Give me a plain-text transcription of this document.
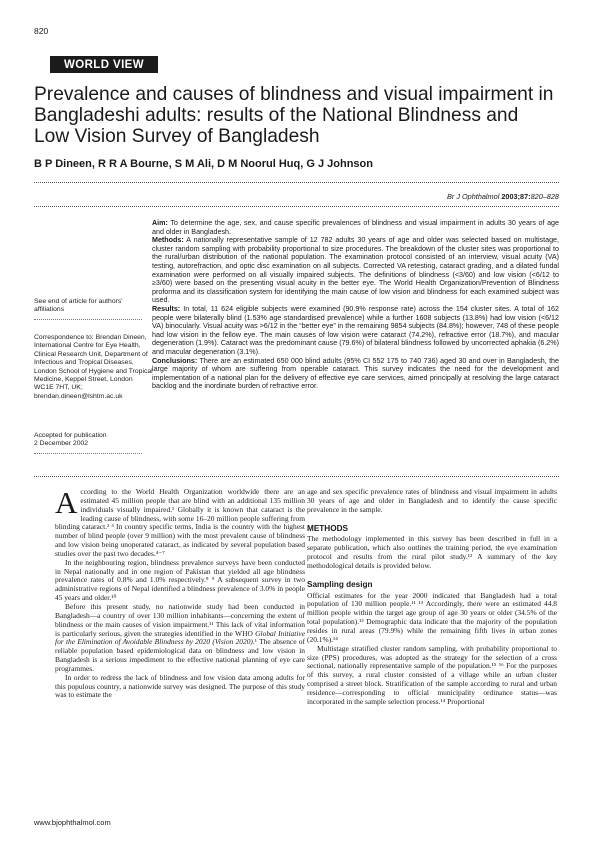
820
WORLD VIEW
Prevalence and causes of blindness and visual impairment in Bangladeshi adults: results of the National Blindness and Low Vision Survey of Bangladesh
B P Dineen, R R A Bourne, S M Ali, D M Noorul Huq, G J Johnson
Br J Ophthalmol 2003;87:820–828
See end of article for authors' affiliations
Correspondence to: Brendan Dineen, International Centre for Eye Health, Clinical Research Unit, Department of Infectious and Tropical Diseases, London School of Hygiene and Tropical Medicine, Keppel Street, London WC1E 7HT, UK; brendan.dineen@lshtm.ac.uk
Accepted for publication
2 December 2002

Aim: To determine the age, sex, and cause specific prevalences of blindness and visual impairment in adults 30 years of age and older in Bangladesh.

Methods: A nationally representative sample of 12 782 adults 30 years of age and older was selected based on multistage, cluster random sampling with probability proportional to size procedures. The breakdown of the cluster sites was proportional to the rural/urban distribution of the national population. The examination protocol consisted of an interview, visual acuity (VA) testing, autorefraction, and optic disc examination on all subjects. Corrected VA retesting, cataract grading, and a dilated fundal examination were performed on all visually impaired subjects. The definitions of blindness (<3/60) and low vision (<6/12 to ≥3/60) were based on the presenting visual acuity in the better eye. The World Health Organization/Prevention of Blindness proforma and its classification system for identifying the main cause of low vision and blindness for each examined subject was used.

Results: In total, 11 624 eligible subjects were examined (90.9% response rate) across the 154 cluster sites. A total of 162 people were bilaterally blind (1.53% age standardised prevalence) while a further 1608 subjects (13.8%) had low vision (<6/12 VA) binocularly. Visual acuity was >6/12 in the “better eye” in the remaining 9854 subjects (84.8%); however, 748 of these people had low vision in the fellow eye. The main causes of low vision were cataract (74.2%), refractive error (18.7%), and macular degeneration (1.9%). Cataract was the predominant cause (79.6%) of bilateral blindness followed by uncorrected aphakia (6.2%) and macular degeneration (3.1%).

Conclusions: There are an estimated 650 000 blind adults (95% CI 552 175 to 740 736) aged 30 and over in Bangladesh, the large majority of whom are suffering from operable cataract. This survey indicates the need for the development and implementation of a national plan for the delivery of effective eye care services, aimed principally at resolving the large cataract backlog and the inordinate burden of refractive error.

According to the World Health Organization worldwide there are an estimated 45 million people that are blind with an additional 135 million individuals visually impaired.¹ Globally it is known that cataract is the leading cause of blindness, with some 16–20 million people suffering from blinding cataract.² ³ In country specific terms, India is the country with the highest number of blind people (over 9 million) with the most prevalent cause of blindness and low vision being unoperated cataract, as indicated by several population based studies over the past two decades.⁴⁻⁷

In the neighbouring region, blindness prevalence surveys have been conducted in Nepal nationally and in one region of Pakistan that yielded all age blindness prevalence rates of 0.8% and 1.0% respectively.⁸ ⁹ A subsequent survey in two administrative regions of Nepal identified a blindness prevalence of 3.0% in people 45 years and older.¹⁰

Before this present study, no nationwide study had been conducted in Bangladesh—a country of over 130 million inhabitants—concerning the extent of blindness or the main causes of vision impairment.¹¹ This lack of vital information is particularly serious, given the strategies identified in the WHO Global Initiative for the Elimination of Avoidable Blindness by 2020 (Vision 2020).¹ The absence of reliable population based epidemiological data on blindness and low vision in Bangladesh is a serious impediment to the effective national planning of eye care programmes.

In order to redress the lack of blindness and low vision data among adults for this populous country, a nationwide survey was designed. The purpose of this study was to estimate the

age and sex specific prevalence rates of blindness and visual impairment in adults 30 years of age and older in Bangladesh and to identify the cause specific prevalence in the sample.

METHODS

The methodology implemented in this survey has been described in full in a separate publication, which also outlines the training period, the eye examination protocol and results from the rural pilot study.¹² A summary of the key methodological details is provided below.

Sampling design

Official estimates for the year 2000 indicated that Bangladesh had a total population of 130 million people.¹¹ ¹³ Accordingly, there were an estimated 44.8 million people within the target age group of age 30 years or older (34.5% of the total population).¹³ Demographic data indicate that the majority of the population resides in rural areas (79.9%) while the remaining fifth lives in urban zones (20.1%).¹⁴

Multistage stratified cluster random sampling, with probability proportional to size (PPS) procedures, was adopted as the strategy for the selection of a cross sectional, nationally representative sample of the population.¹⁵ ¹⁶ For the purposes of this survey, a rural cluster consisted of a village while an urban cluster comprised a street block. Stratification of the sample according to rural and urban residence—corresponding to official municipality ordinance status—was incorporated in the sample selection process.¹⁴ Proportional

www.bjophthalmol.com
